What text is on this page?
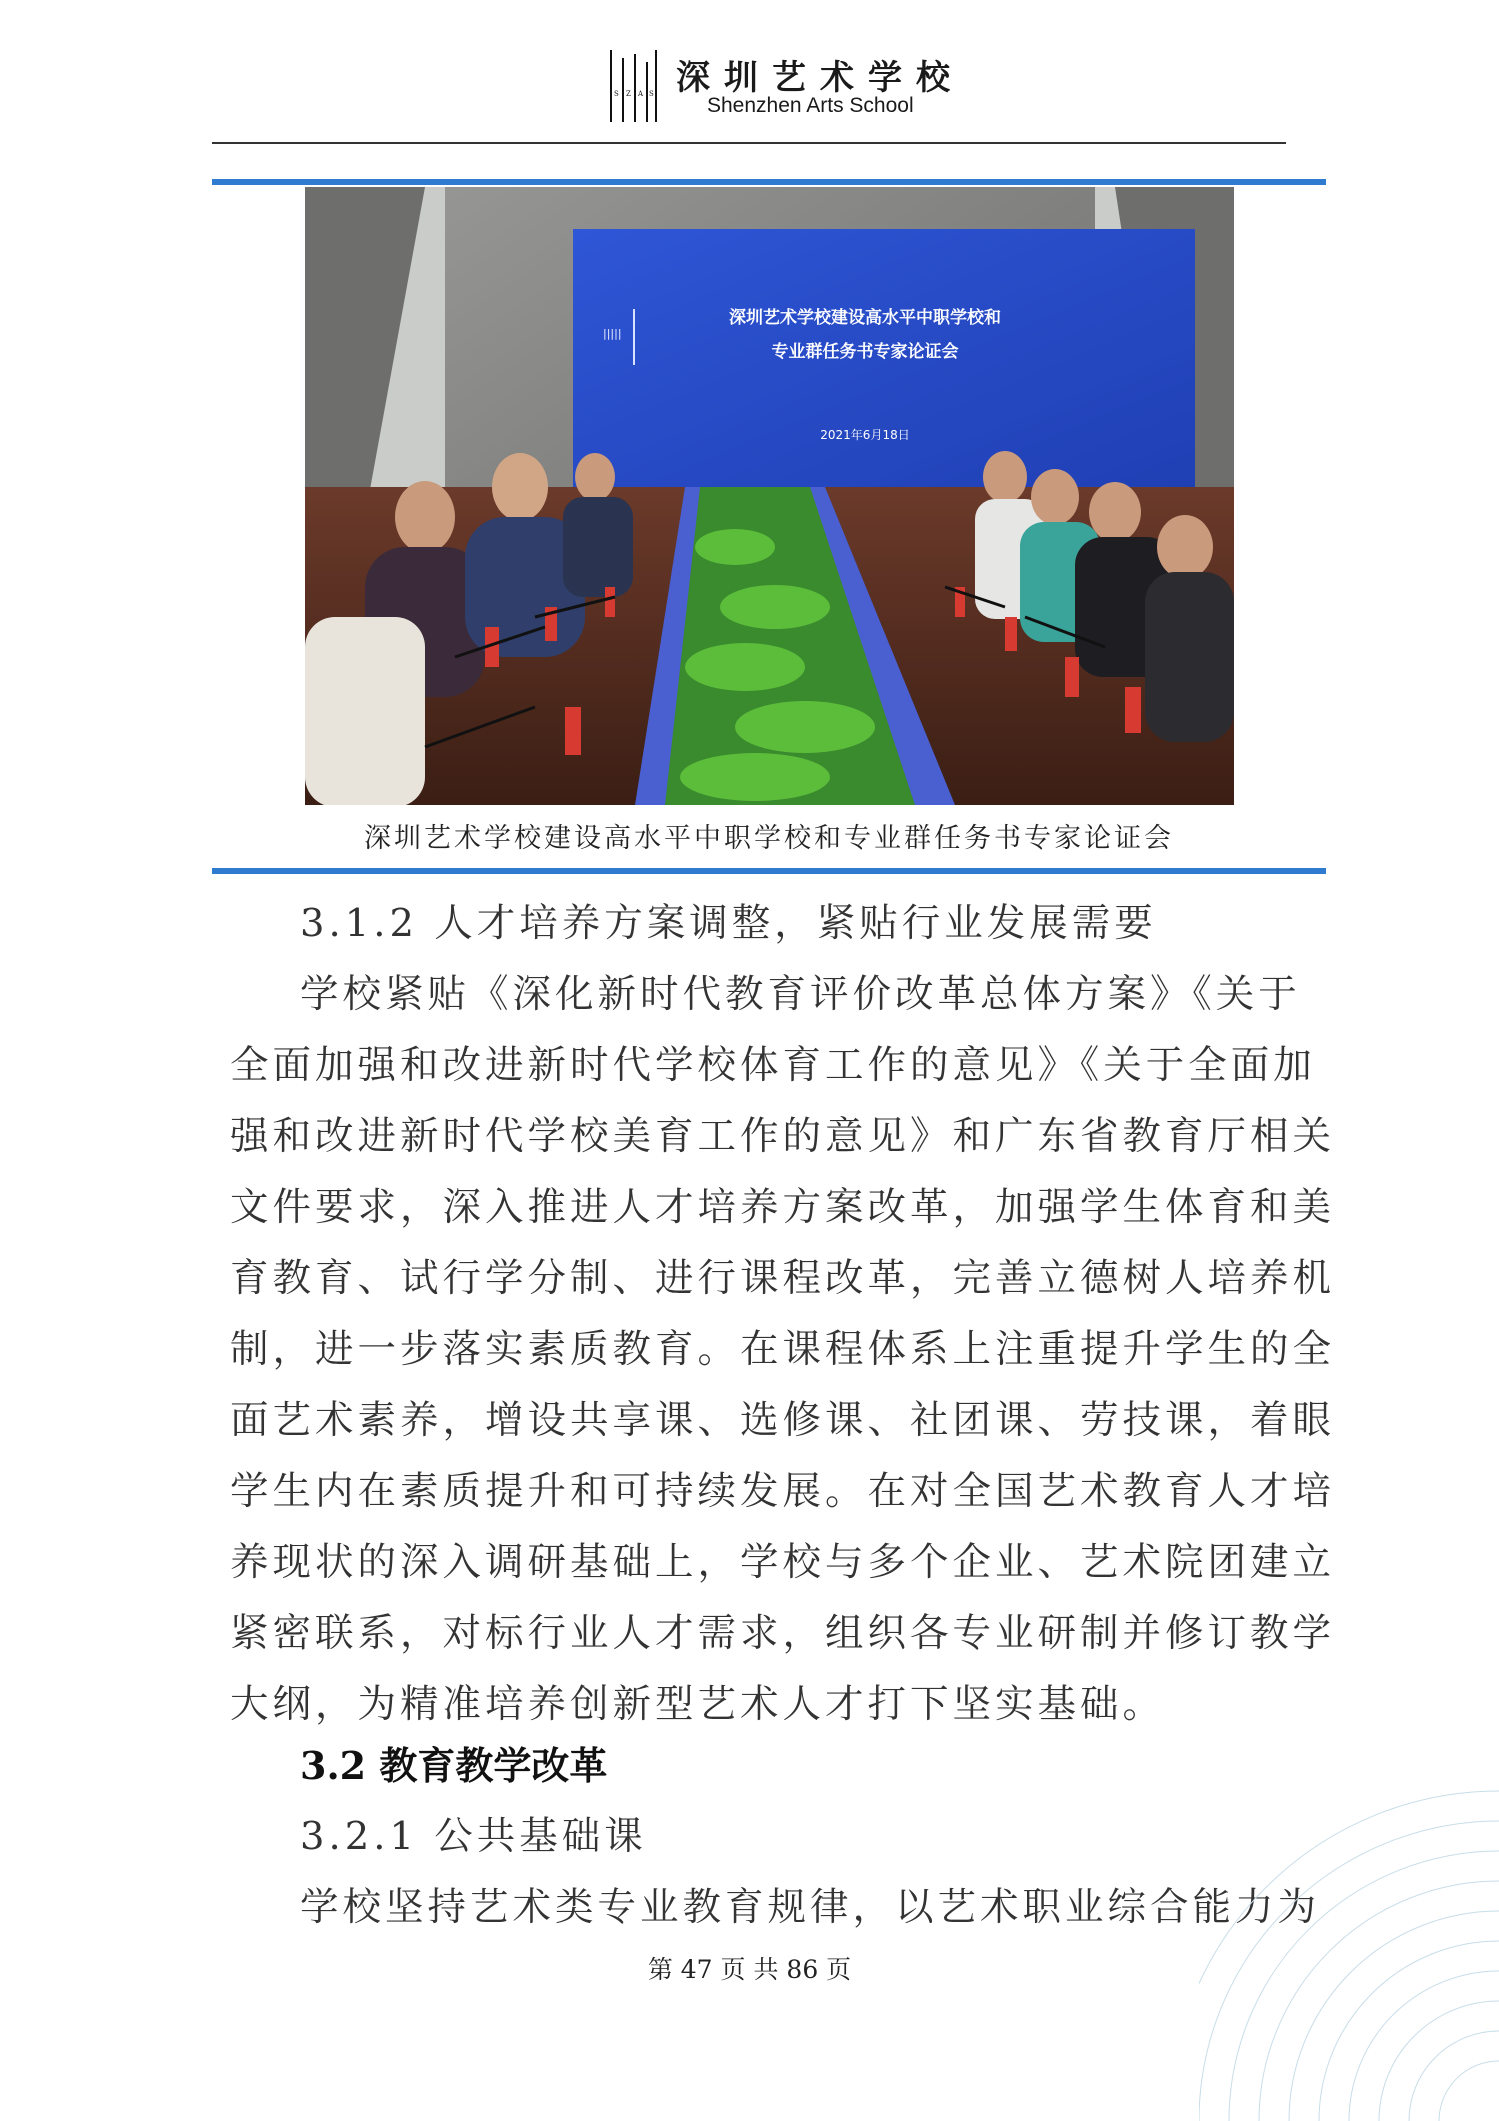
S Z A S 深圳艺术学校
Shenzhen Arts School
|||||
深圳艺术学校建设高水平中职学校和
专业群任务书专家论证会
2021年6月18日
深圳艺术学校建设高水平中职学校和专业群任务书专家论证会
3.1.2 人才培养方案调整，紧贴行业发展需要
学校紧贴《深化新时代教育评价改革总体方案》《关于
全面加强和改进新时代学校体育工作的意见》《关于全面加
强和改进新时代学校美育工作的意见》和广东省教育厅相关
文件要求，深入推进人才培养方案改革，加强学生体育和美
育教育、试行学分制、进行课程改革，完善立德树人培养机
制，进一步落实素质教育。在课程体系上注重提升学生的全
面艺术素养，增设共享课、选修课、社团课、劳技课，着眼
学生内在素质提升和可持续发展。在对全国艺术教育人才培
养现状的深入调研基础上，学校与多个企业、艺术院团建立
紧密联系，对标行业人才需求，组织各专业研制并修订教学
大纲，为精准培养创新型艺术人才打下坚实基础。
3.2 教育教学改革
3.2.1 公共基础课
学校坚持艺术类专业教育规律，以艺术职业综合能力为
第 47 页 共 86 页
